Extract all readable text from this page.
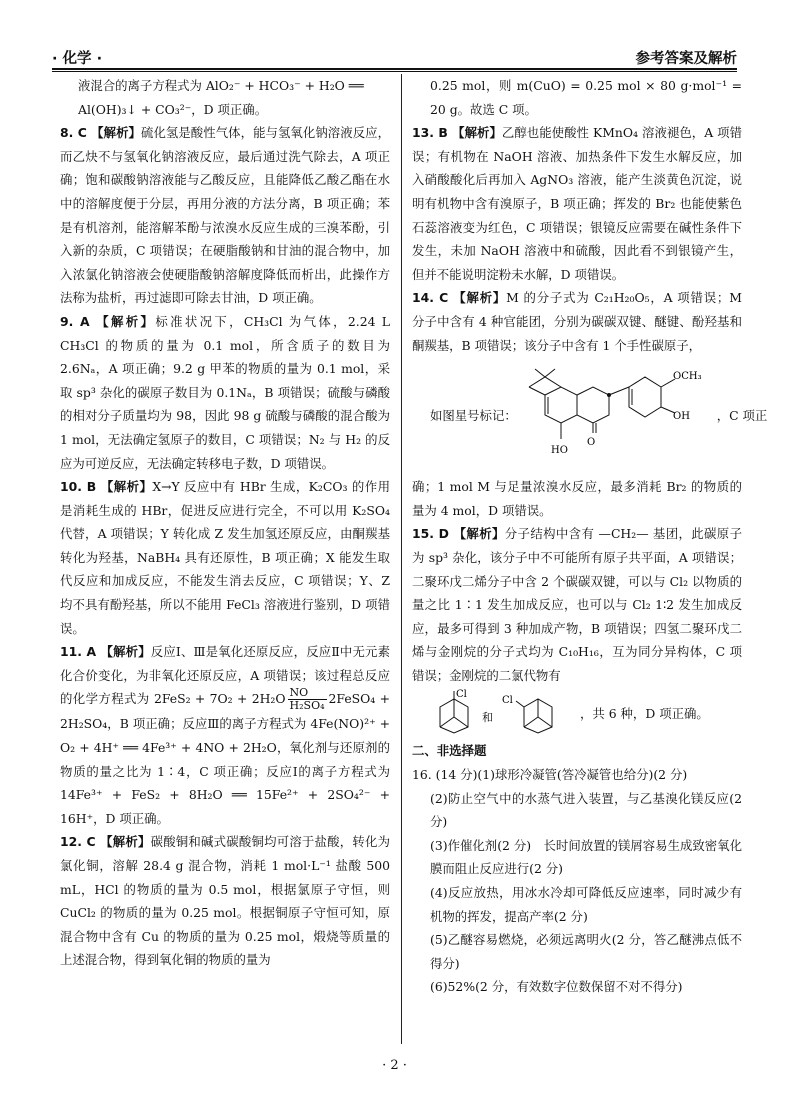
· 化学 ·	参考答案及解析

液混合的离子方程式为 AlO₂⁻ + HCO₃⁻ + H₂O ══

Al(OH)₃↓ + CO₃²⁻，D 项正确。

8. C 【解析】硫化氢是酸性气体，能与氢氧化钠溶液反应，而乙炔不与氢氧化钠溶液反应，最后通过洗气除去，A 项正确；饱和碳酸钠溶液能与乙酸反应，且能降低乙酸乙酯在水中的溶解度便于分层，再用分液的方法分离，B 项正确；苯是有机溶剂，能溶解苯酚与浓溴水反应生成的三溴苯酚，引入新的杂质，C 项错误；在硬脂酸钠和甘油的混合物中，加入浓氯化钠溶液会使硬脂酸钠溶解度降低而析出，此操作方法称为盐析，再过滤即可除去甘油，D 项正确。

9. A 【解析】标准状况下，CH₃Cl 为气体，2.24 L CH₃Cl 的物质的量为 0.1 mol，所含质子的数目为 2.6Nₐ，A 项正确；9.2 g 甲苯的物质的量为 0.1 mol，采取 sp³ 杂化的碳原子数目为 0.1Nₐ，B 项错误；硫酸与磷酸的相对分子质量均为 98，因此 98 g 硫酸与磷酸的混合酸为 1 mol，无法确定氢原子的数目，C 项错误；N₂ 与 H₂ 的反应为可逆反应，无法确定转移电子数，D 项错误。

10. B 【解析】X→Y 反应中有 HBr 生成，K₂CO₃ 的作用是消耗生成的 HBr，促进反应进行完全，不可以用 K₂SO₄ 代替，A 项错误；Y 转化成 Z 发生加氢还原反应，由酮羰基转化为羟基，NaBH₄ 具有还原性，B 项正确；X 能发生取代反应和加成反应，不能发生消去反应，C 项错误；Y、Z 均不具有酚羟基，所以不能用 FeCl₃ 溶液进行鉴别，D 项错误。

11. A 【解析】反应Ⅰ、Ⅲ是氧化还原反应，反应Ⅱ中无元素化合价变化，为非氧化还原反应，A 项错误；该过程总反应的化学方程式为 $2FeS_2 + 7O_2 + 2H_2O \frac{NO}{\text{H₂SO₄}}$ 2FeSO₄ + 2H₂SO₄，B 项正确；反应Ⅲ的离子方程式为 4Fe(NO)²⁺ + O₂ + 4H⁺ ══ 4Fe³⁺ + 4NO + 2H₂O，氧化剂与还原剂的物质的量之比为 1∶4，C 项正确；反应Ⅰ的离子方程式为 14Fe³⁺ + FeS₂ + 8H₂O ══ 15Fe²⁺ + 2SO₄²⁻ + 16H⁺，D 项正确。

12. C 【解析】碳酸铜和碱式碳酸铜均可溶于盐酸，转化为氯化铜，溶解 28.4 g 混合物，消耗 1 mol·L⁻¹ 盐酸 500 mL，HCl 的物质的量为 0.5 mol，根据氯原子守恒，则 CuCl₂ 的物质的量为 0.25 mol。根据铜原子守恒可知，原混合物中含有 Cu 的物质的量为 0.25 mol，煅烧等质量的上述混合物，得到氧化铜的物质的量为

0.25 mol，则 m(CuO) = 0.25 mol × 80 g·mol⁻¹ = 20 g。故选 C 项。

13. B 【解析】乙醇也能使酸性 KMnO₄ 溶液褪色，A 项错误；有机物在 NaOH 溶液、加热条件下发生水解反应，加入硝酸酸化后再加入 AgNO₃ 溶液，能产生淡黄色沉淀，说明有机物中含有溴原子，B 项正确；挥发的 Br₂ 也能使紫色石蕊溶液变为红色，C 项错误；银镜反应需要在碱性条件下发生，未加 NaOH 溶液中和硫酸，因此看不到银镜产生，但并不能说明淀粉未水解，D 项错误。

14. C 【解析】M 的分子式为 C₂₁H₂₀O₅，A 项错误；M 分子中含有 4 种官能团，分别为碳碳双键、醚键、酚羟基和酮羰基，B 项错误；该分子中含有 1 个手性碳原子，

如图星号标记：
O
HO
OCH₃
OH ，C 项正

确；1 mol M 与足量浓溴水反应，最多消耗 Br₂ 的物质的量为 4 mol，D 项错误。

15. D 【解析】分子结构中含有 —CH₂— 基团，此碳原子为 sp³ 杂化，该分子中不可能所有原子共平面，A 项错误；二聚环戊二烯分子中含 2 个碳碳双键，可以与 Cl₂ 以物质的量之比 1∶1 发生加成反应，也可以与 Cl₂ 1∶2 发生加成反应，最多可得到 3 种加成产物，B 项错误；四氢二聚环戊二烯与金刚烷的分子式均为 C₁₀H₁₆，互为同分异构体，C 项错误；金刚烷的二氯代物有

Cl
和
Cl
，共 6 种，D 项正确。

二、非选择题

16. (14 分)(1)球形冷凝管(答冷凝管也给分)(2 分)

(2)防止空气中的水蒸气进入装置，与乙基溴化镁反应(2 分)

(3)作催化剂(2 分)　长时间放置的镁屑容易生成致密氧化膜而阻止反应进行(2 分)

(4)反应放热，用冰水冷却可降低反应速率，同时减少有机物的挥发，提高产率(2 分)

(5)乙醚容易燃烧，必须远离明火(2 分，答乙醚沸点低不得分)

(6)52%(2 分，有效数字位数保留不对不得分)

· 2 ·
